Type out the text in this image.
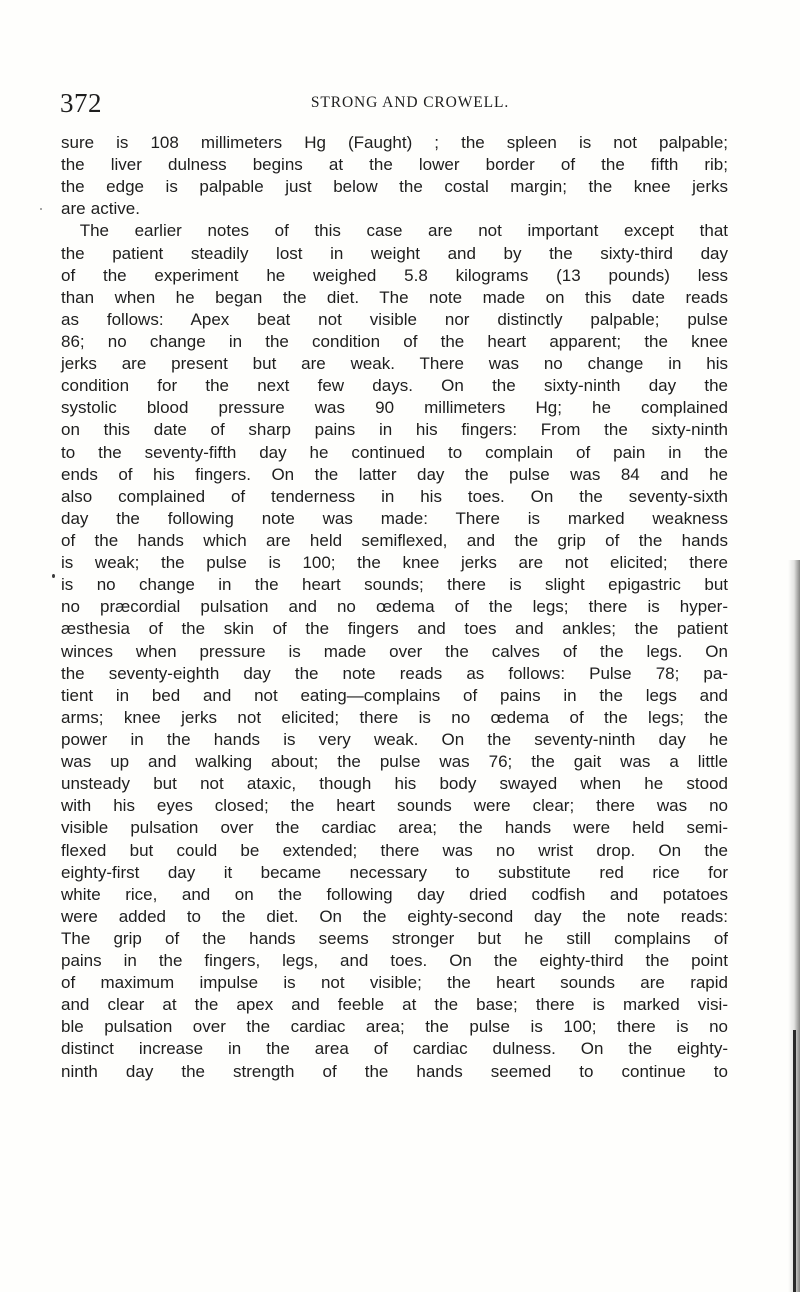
372	STRONG AND CROWELL.
sure is 108 millimeters Hg (Faught) ; the spleen is not palpable;
the liver dulness begins at the lower border of the fifth rib;
the edge is palpable just below the costal margin; the knee jerks
are active.
The earlier notes of this case are not important except that
the patient steadily lost in weight and by the sixty-third day
of the experiment he weighed 5.8 kilograms (13 pounds) less
than when he began the diet. The note made on this date reads
as follows: Apex beat not visible nor distinctly palpable; pulse
86; no change in the condition of the heart apparent; the knee
jerks are present but are weak. There was no change in his
condition for the next few days. On the sixty-ninth day the
systolic blood pressure was 90 millimeters Hg; he complained
on this date of sharp pains in his fingers: From the sixty-ninth
to the seventy-fifth day he continued to complain of pain in the
ends of his fingers. On the latter day the pulse was 84 and he
also complained of tenderness in his toes. On the seventy-sixth
day the following note was made: There is marked weakness
of the hands which are held semiflexed, and the grip of the hands
is weak; the pulse is 100; the knee jerks are not elicited; there
is no change in the heart sounds; there is slight epigastric but
no præcordial pulsation and no œdema of the legs; there is hyper-
æsthesia of the skin of the fingers and toes and ankles; the patient
winces when pressure is made over the calves of the legs. On
the seventy-eighth day the note reads as follows: Pulse 78; pa-
tient in bed and not eating—complains of pains in the legs and
arms; knee jerks not elicited; there is no œdema of the legs; the
power in the hands is very weak. On the seventy-ninth day he
was up and walking about; the pulse was 76; the gait was a little
unsteady but not ataxic, though his body swayed when he stood
with his eyes closed; the heart sounds were clear; there was no
visible pulsation over the cardiac area; the hands were held semi-
flexed but could be extended; there was no wrist drop. On the
eighty-first day it became necessary to substitute red rice for
white rice, and on the following day dried codfish and potatoes
were added to the diet. On the eighty-second day the note reads:
The grip of the hands seems stronger but he still complains of
pains in the fingers, legs, and toes. On the eighty-third the point
of maximum impulse is not visible; the heart sounds are rapid
and clear at the apex and feeble at the base; there is marked visi-
ble pulsation over the cardiac area; the pulse is 100; there is no
distinct increase in the area of cardiac dulness. On the eighty-
ninth day the strength of the hands seemed to continue to
